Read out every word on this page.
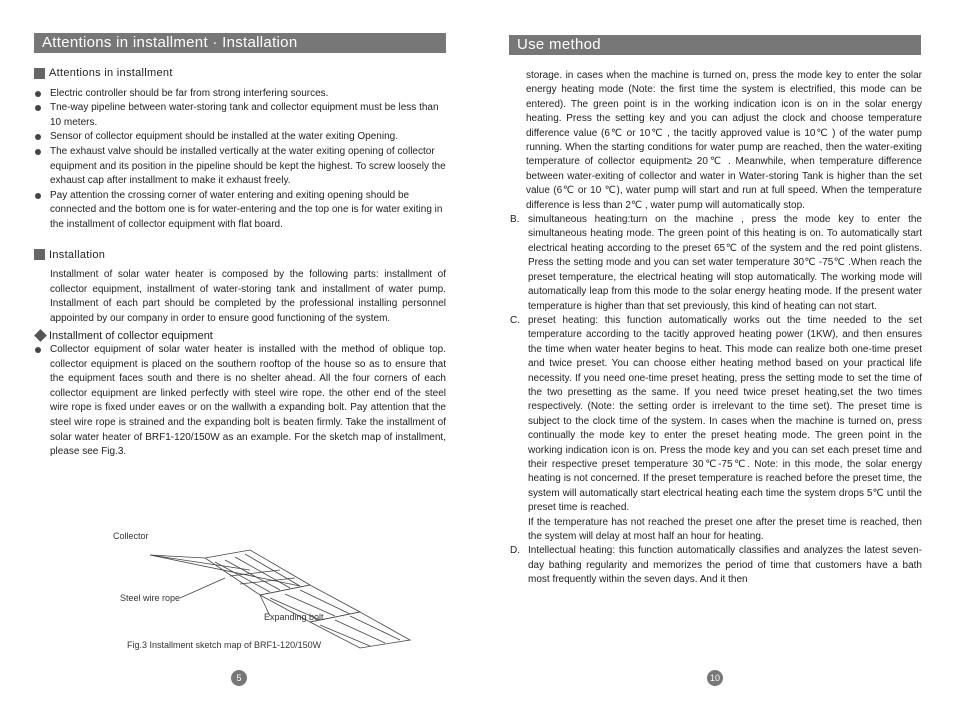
Attentions in installment · Installation	Use method

Attentions in installment

Electric controller should be far from strong interfering sources.

Tne-way pipeline between water-storing tank and collector equipment must be less than 10 meters.

Sensor of collector equipment should be installed at the water exiting Opening.

The exhaust valve should be installed vertically at the water exiting opening of collector equipment and its position in the pipeline should be kept the highest. To screw loosely the exhaust cap after installment to make it exhaust freely.

Pay attention the crossing corner of water entering and exiting opening should be connected and the bottom one is for water-entering and the top one is for water exiting in the installment of collector equipment with flat board.

Installation

Installment of solar water heater is composed by the following parts: installment of collector equipment, installment of water-storing tank and installment of water pump. Installment of each part should be completed by the professional installing personnel appointed by our company in order to ensure good functioning of the system.

Installment of collector equipment

Collector equipment of solar water heater is installed with the method of oblique top. collector equipment is placed on the southern rooftop of the house so as to ensure that the equipment faces south and there is no shelter ahead. All the four corners of each collector equipment are linked perfectly with steel wire rope. the other end of the steel wire rope is fixed under eaves or on the wallwith a expanding bolt. Pay attention that the steel wire rope is strained and the expanding bolt is beaten firmly. Take the installment of solar water heater of BRF1-120/150W as an example. For the sketch map of installment, please see Fig.3.

Collector
Steel wire rope
Expanding bolt
Fig.3 Installment sketch map of BRF1-120/150W

storage. in cases when the machine is turned on, press the mode key to enter the solar energy heating mode (Note: the first time the system is electrified, this mode can be entered). The green point is in the working indication icon is on in the solar energy heating. Press the setting key and you can adjust the clock and choose temperature difference value (6℃ or 10℃ , the tacitly approved value is 10℃ ) of the water pump running. When the starting conditions for water pump are reached, then the water-exiting temperature of collector equipment≥ 20℃ . Meanwhile, when temperature difference between water-exiting of collector and water in Water-storing Tank is higher than the set value (6℃ or 10 ℃), water pump will start and run at full speed. When the temperature difference is less than 2℃ , water pump will automatically stop.

B. simultaneous heating:turn on the machine , press the mode key to enter the simultaneous heating mode. The green point of this heating is on. To automatically start electrical heating according to the preset 65℃ of the system and the red point glistens. Press the setting mode and you can set water temperature 30℃ -75℃ .When reach the preset temperature, the electrical heating will stop automatically. The working mode will automatically leap from this mode to the solar energy heating mode. If the present water temperature is higher than that set previously, this kind of heating can not start.

C. preset heating: this function automatically works out the time needed to the set temperature according to the tacitly approved heating power (1KW), and then ensures the time when water heater begins to heat. This mode can realize both one-time preset and twice preset. You can choose either heating method based on your practical life necessity. If you need one-time preset heating, press the setting mode to set the time of the two presetting as the same. If you need twice preset heating,set the two times respectively. (Note: the setting order is irrelevant to the time set). The preset time is subject to the clock time of the system. In cases when the machine is turned on, press continually the mode key to enter the preset heating mode. The green point in the working indication icon is on. Press the mode key and you can set each preset time and their respective preset temperature 30℃-75℃. Note: in this mode, the solar energy heating is not concerned. If the preset temperature is reached before the preset time, the system will automatically start electrical heating each time the system drops 5℃ until the preset time is reached.

If the temperature has not reached the preset one after the preset time is reached, then the system will delay at most half an hour for heating.

D. Intellectual heating: this function automatically classifies and analyzes the latest seven-day bathing regularity and memorizes the period of time that customers have a bath most frequently within the seven days. And it then

5	10
